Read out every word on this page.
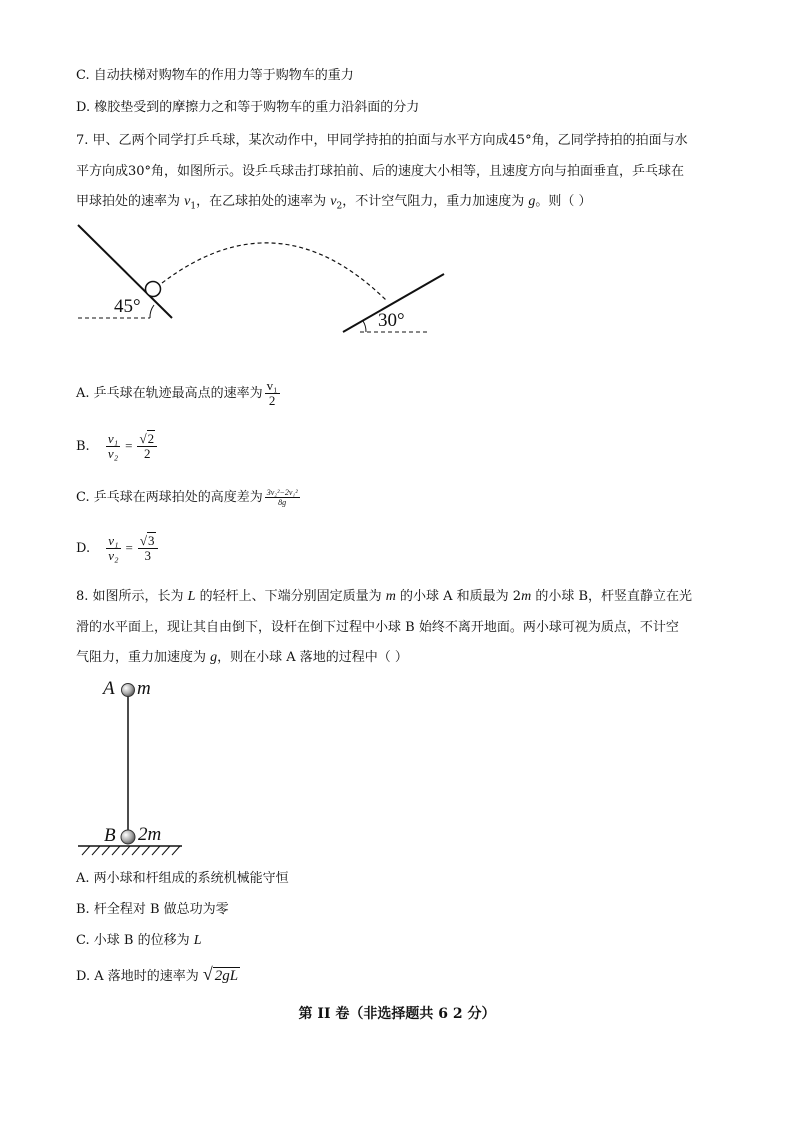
C. 自动扶梯对购物车的作用力等于购物车的重力
D. 橡胶垫受到的摩擦力之和等于购物车的重力沿斜面的分力
7. 甲、乙两个同学打乒乓球，某次动作中，甲同学持拍的拍面与水平方向成45°角，乙同学持拍的拍面与水
平方向成30°角，如图所示。设乒乓球击打球拍前、后的速度大小相等，且速度方向与拍面垂直，乒乓球在
甲球拍处的速率为 $v_1$，在乙球拍处的速率为 $v_2$，不计空气阻力，重力加速度为 g。则（ ）
45°
30°
A. 乒乓球在轨迹最高点的速率为 $\frac{\text{v₁}}{2}$
B. $\frac{\text{v₁}}{\text{v₂}} = \frac{√2}{2}$
C. 乒乓球在两球拍处的高度差为 $\frac{\text{3v₂²−2v₁²}}{8g}$
D. $\frac{\text{v₁}}{\text{v₂}} = \frac{√3}{3}$
8. 如图所示，长为 L 的轻杆上、下端分别固定质量为 m 的小球 A 和质最为 2m 的小球 B，杆竖直静立在光
滑的水平面上，现让其自由倒下，设杆在倒下过程中小球 B 始终不离开地面。两小球可视为质点，不计空
气阻力，重力加速度为 g，则在小球 A 落地的过程中（ ）
A m
B 2m
A. 两小球和杆组成的系统机械能守恒
B. 杆全程对 B 做总功为零
C. 小球 B 的位移为 L
D. A 落地时的速率为 √ 2gL
第 II 卷（非选择题共 6 2 分）
